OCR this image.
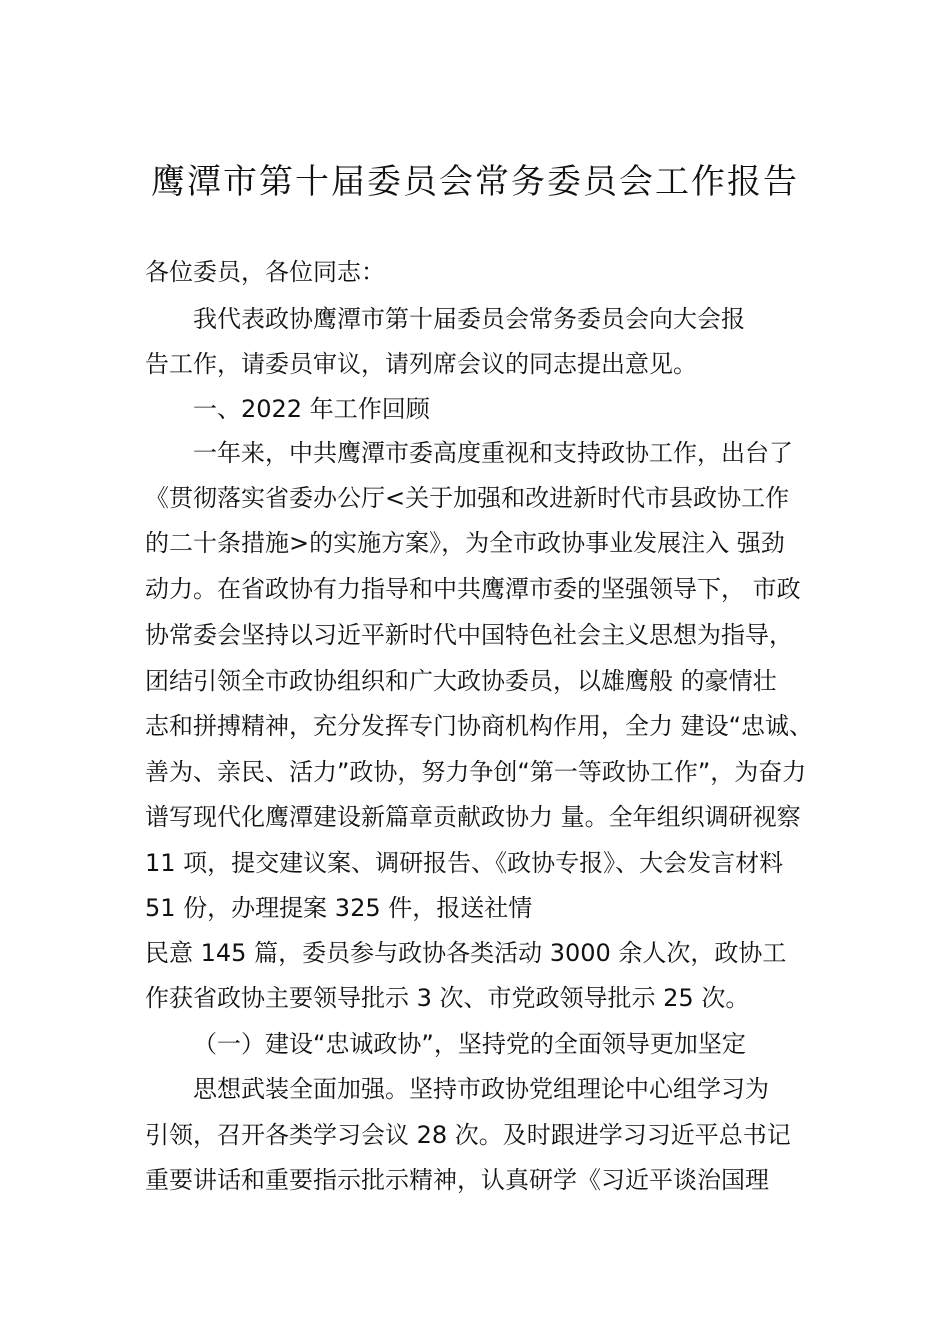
鹰潭市第十届委员会常务委员会工作报告
各位委员，各位同志：
我代表政协鹰潭市第十届委员会常务委员会向大会报
告工作，请委员审议，请列席会议的同志提出意见。
一、2022 年工作回顾
一年来，中共鹰潭市委高度重视和支持政协工作，出台了
《贯彻落实省委办公厅<关于加强和改进新时代市县政协工作
的二十条措施>的实施方案》，为全市政协事业发展注入 强劲
动力。在省政协有力指导和中共鹰潭市委的坚强领导下， 市政
协常委会坚持以习近平新时代中国特色社会主义思想为指导，
团结引领全市政协组织和广大政协委员，以雄鹰般 的豪情壮
志和拼搏精神，充分发挥专门协商机构作用，全力 建设“忠诚、
善为、亲民、活力”政协，努力争创“第一等政协工作”，为奋力
谱写现代化鹰潭建设新篇章贡献政协力 量。全年组织调研视察
11 项，提交建议案、调研报告、《政协专报》、大会发言材料
51 份，办理提案 325 件，报送社情
民意 145 篇，委员参与政协各类活动 3000 余人次，政协工
作获省政协主要领导批示 3 次、市党政领导批示 25 次。
（一）建设“忠诚政协”，坚持党的全面领导更加坚定
思想武装全面加强。坚持市政协党组理论中心组学习为
引领，召开各类学习会议 28 次。及时跟进学习习近平总书记
重要讲话和重要指示批示精神，认真研学《习近平谈治国理
